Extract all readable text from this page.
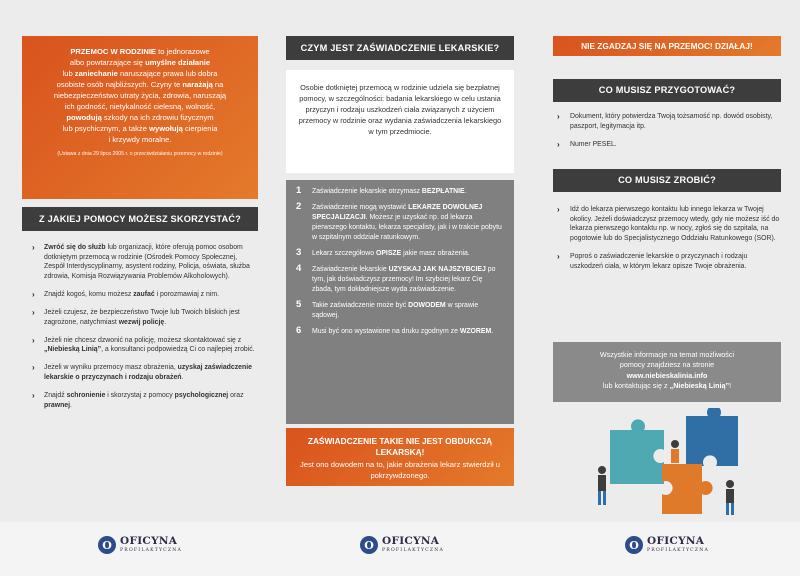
PRZEMOC W RODZINIE to jednorazowe
albo powtarzające się umyślne działanie
lub zaniechanie naruszające prawa lub dobra
osobiste osób najbliższych. Czyny te narażają na
niebezpieczeństwo utraty życia, zdrowia, naruszają
ich godność, nietykalność cielesną, wolność,
powodują szkody na ich zdrowiu fizycznym
lub psychicznym, a także wywołują cierpienia
i krzywdy moralne.
(Ustawa z dnia 29 lipca 2005 r. o przeciwdziałaniu przemocy w rodzinie)
Z JAKIEJ POMOCY MOŻESZ SKORZYSTAĆ?
› Zwróć się do służb lub organizacji, które oferują pomoc osobom dotkniętym przemocą w rodzinie (Ośrodek Pomocy Społecznej, Zespół Interdyscyplinarny, asystent rodziny, Policja, oświata, służba zdrowia, Komisja Rozwiązywania Problemów Alkoholowych).
› Znajdź kogoś, komu możesz zaufać i porozmawiaj z nim.
› Jeżeli czujesz, że bezpieczeństwo Twoje lub Twoich bliskich jest zagrożone, natychmiast wezwij policję.
› Jeżeli nie chcesz dzwonić na policję, możesz skontaktować się z „Niebieską Linią”, a konsultanci podpowiedzą Ci co najlepiej zrobić.
› Jeżeli w wyniku przemocy masz obrażenia, uzyskaj zaświadczenie lekarskie o przyczynach i rodzaju obrażeń.
› Znajdź schronienie i skorzystaj z pomocy psychologicznej oraz prawnej.
CZYM JEST ZAŚWIADCZENIE LEKARSKIE?
Osobie dotkniętej przemocą w rodzinie udziela się bezpłatnej pomocy, w szczególności: badania lekarskiego w celu ustania przyczyn i rodzaju uszkodzeń ciała związanych z użyciem przemocy w rodzinie oraz wydania zaświadczenia lekarskiego w tym przedmiocie.
1 Zaświadczenie lekarskie otrzymasz BEZPŁATNIE.
2 Zaświadczenie mogą wystawić LEKARZE DOWOLNEJ SPECJALIZACJI. Możesz je uzyskać np. od lekarza pierwszego kontaktu, lekarza specjalisty, jak i w trakcie pobytu w szpitalnym oddziale ratunkowym.
3 Lekarz szczegółowo OPISZE jakie masz obrażenia.
4 Zaświadczenie lekarskie UZYSKAJ JAK NAJSZYBCIEJ po tym, jak doświadczysz przemocy! Im szybciej lekarz Cię zbada, tym dokładniejsze wyda zaświadczenie.
5 Takie zaświadczenie może być DOWODEM w sprawie sądowej.
6 Musi być ono wystawione na druku zgodnym ze WZOREM.
ZAŚWIADCZENIE TAKIE NIE JEST OBDUKCJĄ LEKARSKĄ!
Jest ono dowodem na to, jakie obrażenia lekarz stwierdził u pokrzywdzonego.
NIE ZGADZAJ SIĘ NA PRZEMOC! DZIAŁAJ!
CO MUSISZ PRZYGOTOWAĆ?
› Dokument, który potwierdza Twoją tożsamość np. dowód osobisty, paszport, legitymacja itp.
› Numer PESEL.
CO MUSISZ ZROBIĆ?
› Idź do lekarza pierwszego kontaktu lub innego lekarza w Twojej okolicy. Jeżeli doświadczysz przemocy wtedy, gdy nie możesz iść do lekarza pierwszego kontaktu np. w nocy, zgłoś się do szpitala, na pogotowie lub do Specjalistycznego Oddziału Ratunkowego (SOR).
› Poproś o zaświadczenie lekarskie o przyczynach i rodzaju uszkodzeń ciała, w którym lekarz opisze Twoje obrażenia.
Wszystkie informacje na temat możliwości
pomocy znajdziesz na stronie
www.niebieskalinia.info
lub kontaktując się z „Niebieską Linią”!
O OFICYNA
PROFILAKTYCZNA	O OFICYNA
PROFILAKTYCZNA	O OFICYNA
PROFILAKTYCZNA
